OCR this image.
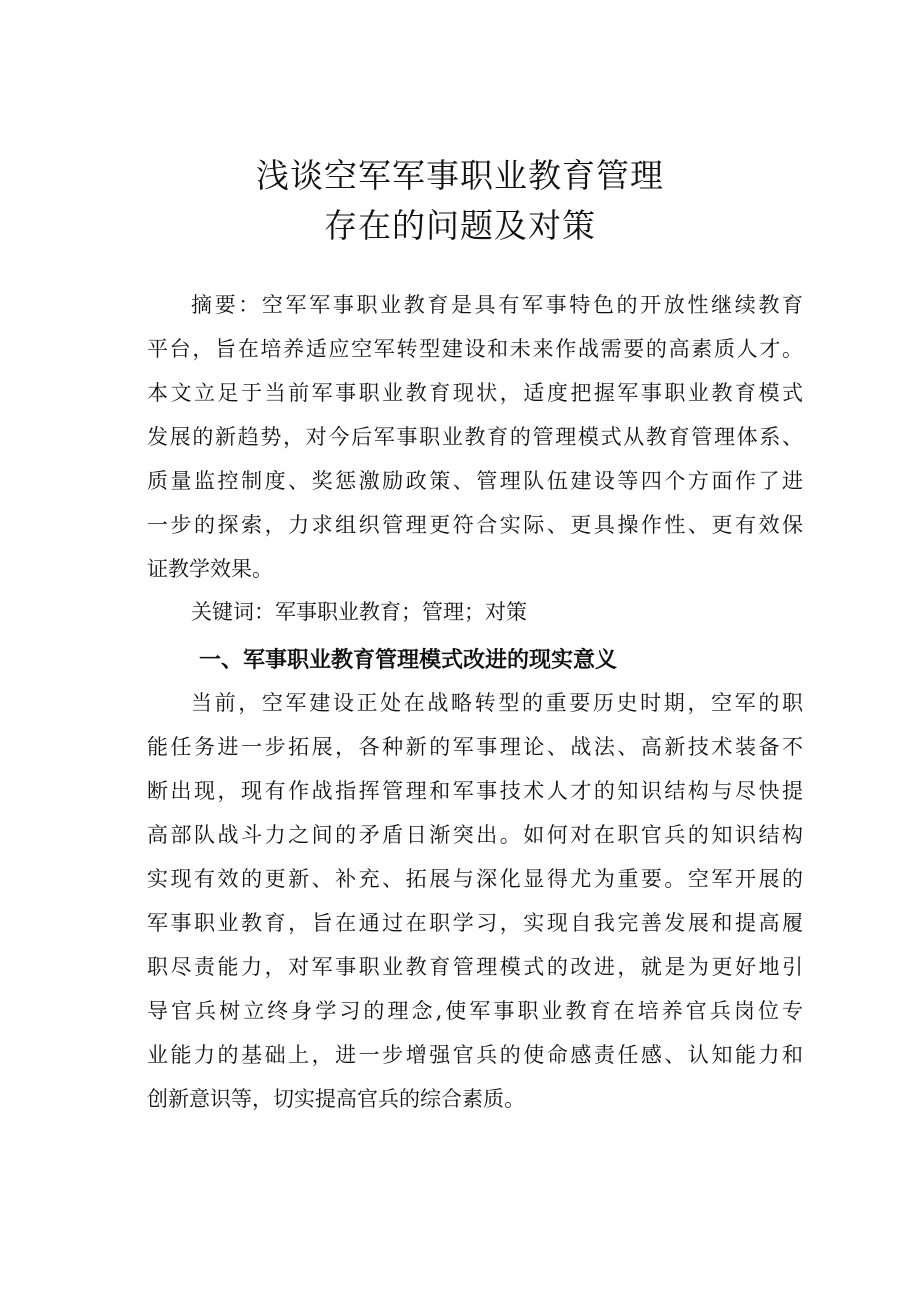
浅谈空军军事职业教育管理
存在的问题及对策

摘要：空军军事职业教育是具有军事特色的开放性继续教育
平台，旨在培养适应空军转型建设和未来作战需要的高素质人才。
本文立足于当前军事职业教育现状，适度把握军事职业教育模式
发展的新趋势，对今后军事职业教育的管理模式从教育管理体系、
质量监控制度、奖惩激励政策、管理队伍建设等四个方面作了进
一步的探索，力求组织管理更符合实际、更具操作性、更有效保
证教学效果。

关键词：军事职业教育；管理；对策

一、军事职业教育管理模式改进的现实意义

当前，空军建设正处在战略转型的重要历史时期，空军的职
能任务进一步拓展，各种新的军事理论、战法、高新技术装备不
断出现，现有作战指挥管理和军事技术人才的知识结构与尽快提
高部队战斗力之间的矛盾日渐突出。如何对在职官兵的知识结构
实现有效的更新、补充、拓展与深化显得尤为重要。空军开展的
军事职业教育，旨在通过在职学习，实现自我完善发展和提高履
职尽责能力，对军事职业教育管理模式的改进，就是为更好地引
导官兵树立终身学习的理念,使军事职业教育在培养官兵岗位专
业能力的基础上，进一步增强官兵的使命感责任感、认知能力和
创新意识等，切实提高官兵的综合素质。
